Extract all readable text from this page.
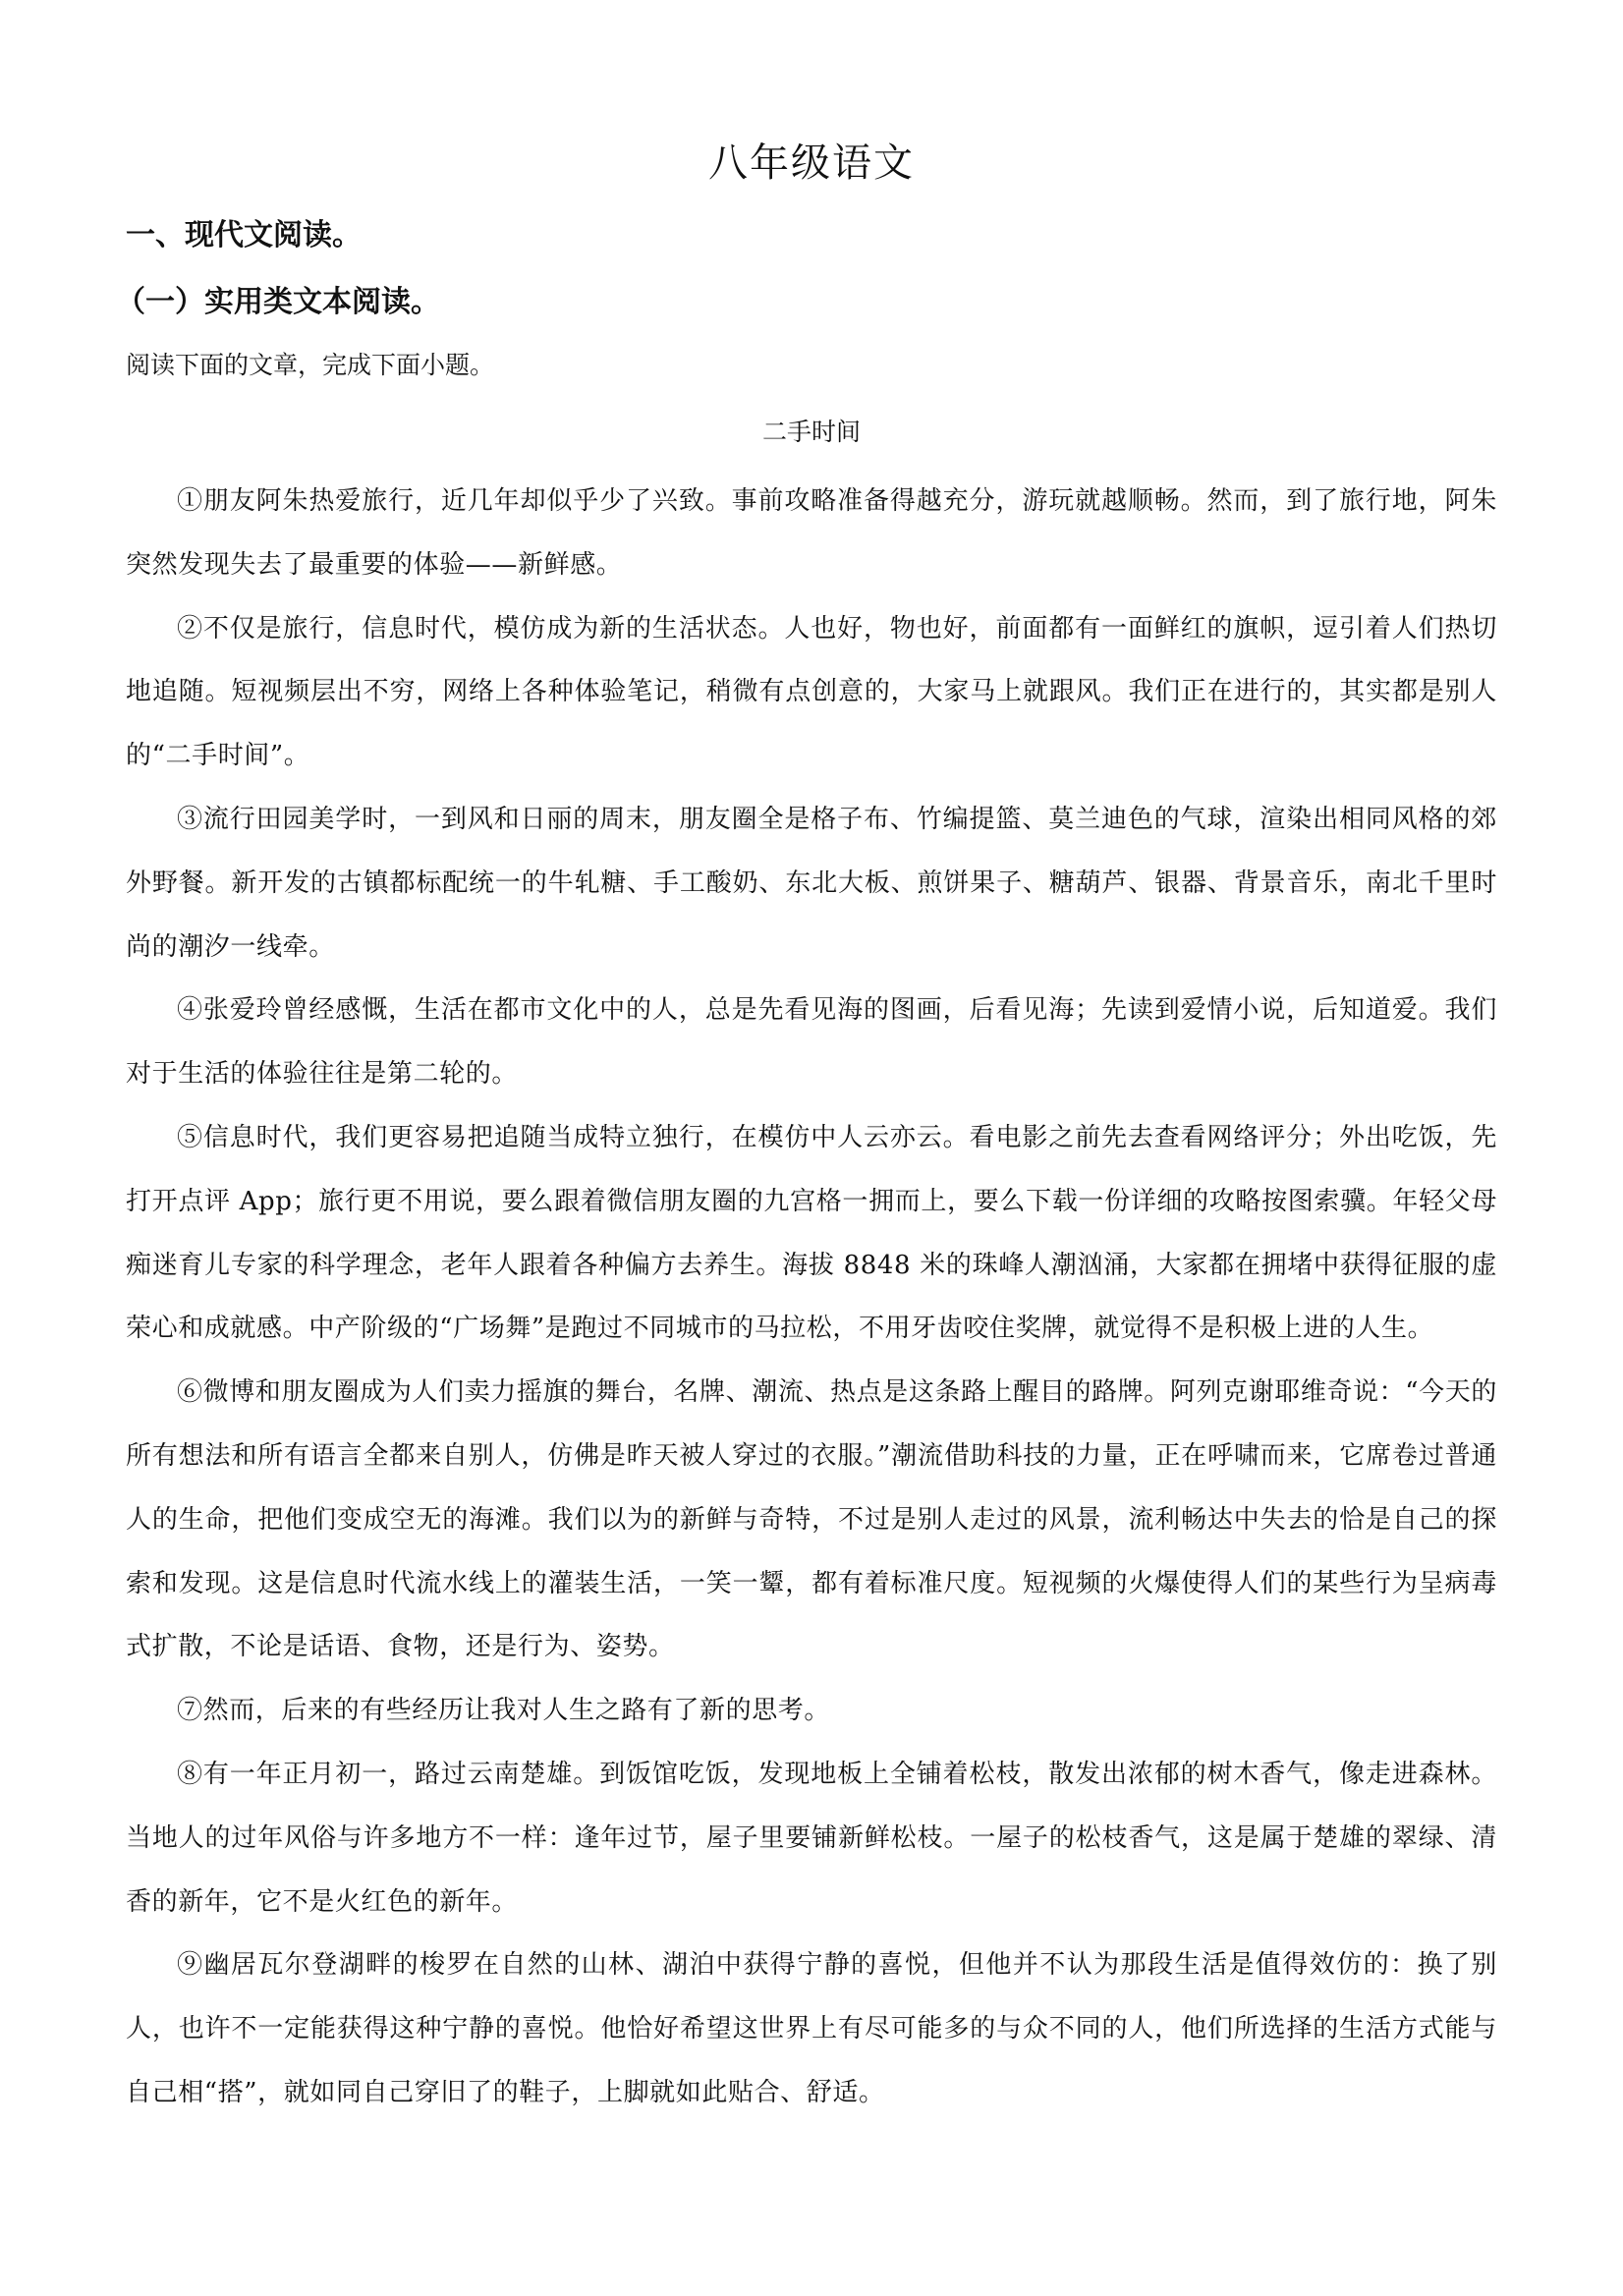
八年级语文
一、现代文阅读。
（一）实用类文本阅读。

阅读下面的文章，完成下面小题。

二手时间

①朋友阿朱热爱旅行，近几年却似乎少了兴致。事前攻略准备得越充分，游玩就越顺畅。然而，到了旅行地，阿朱突然发现失去了最重要的体验——新鲜感。

②不仅是旅行，信息时代，模仿成为新的生活状态。人也好，物也好，前面都有一面鲜红的旗帜，逗引着人们热切地追随。短视频层出不穷，网络上各种体验笔记，稍微有点创意的，大家马上就跟风。我们正在进行的，其实都是别人的“二手时间”。

③流行田园美学时，一到风和日丽的周末，朋友圈全是格子布、竹编提篮、莫兰迪色的气球，渲染出相同风格的郊外野餐。新开发的古镇都标配统一的牛轧糖、手工酸奶、东北大板、煎饼果子、糖葫芦、银器、背景音乐，南北千里时尚的潮汐一线牵。

④张爱玲曾经感慨，生活在都市文化中的人，总是先看见海的图画，后看见海；先读到爱情小说，后知道爱。我们对于生活的体验往往是第二轮的。

⑤信息时代，我们更容易把追随当成特立独行，在模仿中人云亦云。看电影之前先去查看网络评分；外出吃饭，先打开点评 App；旅行更不用说，要么跟着微信朋友圈的九宫格一拥而上，要么下载一份详细的攻略按图索骥。年轻父母痴迷育儿专家的科学理念，老年人跟着各种偏方去养生。海拔 8848 米的珠峰人潮汹涌，大家都在拥堵中获得征服的虚荣心和成就感。中产阶级的“广场舞”是跑过不同城市的马拉松，不用牙齿咬住奖牌，就觉得不是积极上进的人生。

⑥微博和朋友圈成为人们卖力摇旗的舞台，名牌、潮流、热点是这条路上醒目的路牌。阿列克谢耶维奇说：“今天的所有想法和所有语言全都来自别人，仿佛是昨天被人穿过的衣服。”潮流借助科技的力量，正在呼啸而来，它席卷过普通人的生命，把他们变成空无的海滩。我们以为的新鲜与奇特，不过是别人走过的风景，流利畅达中失去的恰是自己的探索和发现。这是信息时代流水线上的灌装生活，一笑一颦，都有着标准尺度。短视频的火爆使得人们的某些行为呈病毒式扩散，不论是话语、食物，还是行为、姿势。

⑦然而，后来的有些经历让我对人生之路有了新的思考。

⑧有一年正月初一，路过云南楚雄。到饭馆吃饭，发现地板上全铺着松枝，散发出浓郁的树木香气，像走进森林。当地人的过年风俗与许多地方不一样：逢年过节，屋子里要铺新鲜松枝。一屋子的松枝香气，这是属于楚雄的翠绿、清香的新年，它不是火红色的新年。

⑨幽居瓦尔登湖畔的梭罗在自然的山林、湖泊中获得宁静的喜悦，但他并不认为那段生活是值得效仿的：换了别人，也许不一定能获得这种宁静的喜悦。他恰好希望这世界上有尽可能多的与众不同的人，他们所选择的生活方式能与自己相“搭”，就如同自己穿旧了的鞋子，上脚就如此贴合、舒适。
